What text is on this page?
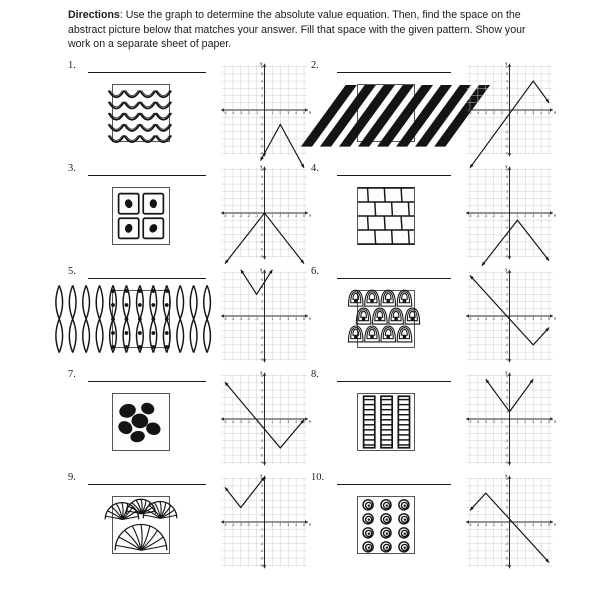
Directions: Use the graph to determine the absolute value equation. Then, find the space on the abstract picture below that matches your answer. Fill that space with the given pattern. Show your work on a separate sheet of paper.
1.
-5 -4 -3 -2 -1 1 2 3 4 5
-6
-5
-4
-3
-2
-1
1
2
3
4
5
6
x
y	2.
-5 -4 -3 -2 -1 1 2 3 4 5
-6
-5
-4
-3
-2
-1
1
2
3
4
5
6
x
y
3.
-5 -4 -3 -2 -1 1 2 3 4 5
-6
-5
-4
-3
-2
-1
1
2
3
4
5
6
x
y	4.
-5 -4 -3 -2 -1 1 2 3 4 5
-6
-5
-4
-3
-2
-1
1
2
3
4
5
6
x
y
5.
-5 -4 -3 -2 -1 1 2 3 4 5
-6
-5
-4
-3
-2
-1
1
2
3
4
5
6
x
y	6.
-5 -4 -3 -2 -1 1 2 3 4 5
-6
-5
-4
-3
-2
-1
1
2
3
4
5
6
x
y
7.
-5 -4 -3 -2 -1 1 2 3 4 5
-6
-5
-4
-3
-2
-1
1
2
3
4
5
6
x
y	8.
-5 -4 -3 -2 -1 1 2 3 4 5
-6
-5
-4
-3
-2
-1
1
2
3
4
5
6
x
y
9.
-5 -4 -3 -2 -1 1 2 3 4 5
-6
-5
-4
-3
-2
-1
1
2
3
4
5
x
y	10.
-5 -4 -3 -2 -1 1 2 3 4 5
-6
-5
-4
-3
-2
-1
1
2
3
4
5
6
x
y
